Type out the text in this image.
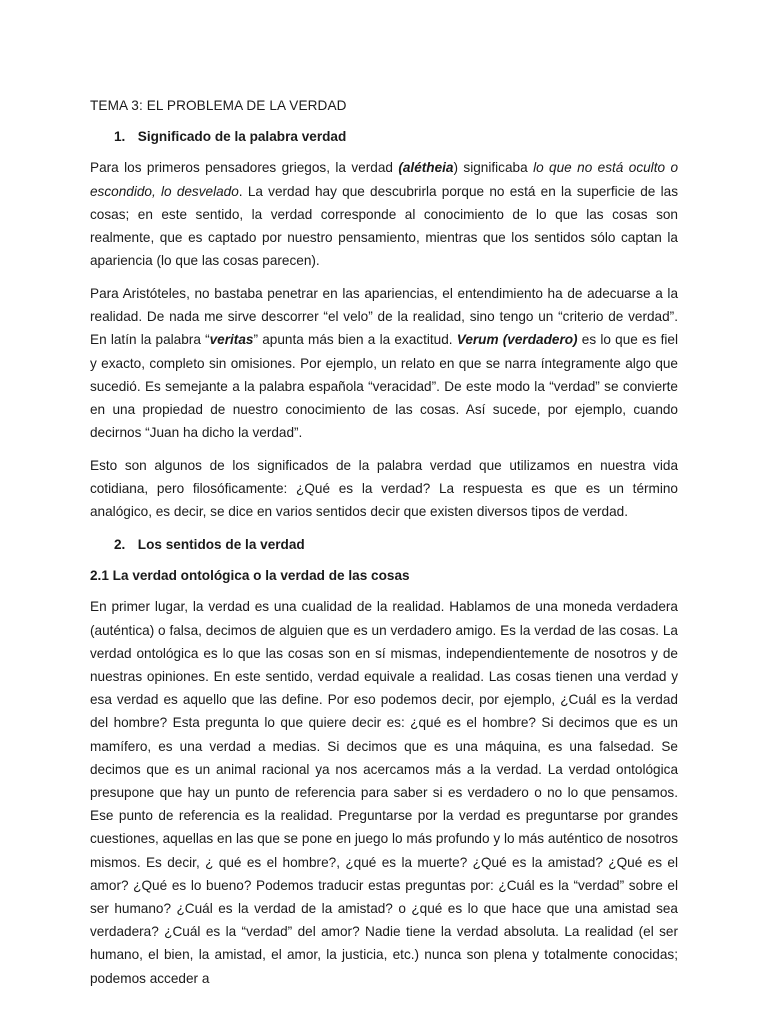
TEMA 3: EL PROBLEMA DE LA VERDAD
1. Significado de la palabra verdad

Para los primeros pensadores griegos, la verdad (alétheia) significaba lo que no está oculto o escondido, lo desvelado. La verdad hay que descubrirla porque no está en la superficie de las cosas; en este sentido, la verdad corresponde al conocimiento de lo que las cosas son realmente, que es captado por nuestro pensamiento, mientras que los sentidos sólo captan la apariencia (lo que las cosas parecen).

Para Aristóteles, no bastaba penetrar en las apariencias, el entendimiento ha de adecuarse a la realidad. De nada me sirve descorrer “el velo” de la realidad, sino tengo un “criterio de verdad”. En latín la palabra “veritas” apunta más bien a la exactitud. Verum (verdadero) es lo que es fiel y exacto, completo sin omisiones. Por ejemplo, un relato en que se narra íntegramente algo que sucedió. Es semejante a la palabra española “veracidad”. De este modo la “verdad” se convierte en una propiedad de nuestro conocimiento de las cosas. Así sucede, por ejemplo, cuando decirnos “Juan ha dicho la verdad”.

Esto son algunos de los significados de la palabra verdad que utilizamos en nuestra vida cotidiana, pero filosóficamente: ¿Qué es la verdad? La respuesta es que es un término analógico, es decir, se dice en varios sentidos decir que existen diversos tipos de verdad.

2. Los sentidos de la verdad
2.1 La verdad ontológica o la verdad de las cosas

En primer lugar, la verdad es una cualidad de la realidad. Hablamos de una moneda verdadera (auténtica) o falsa, decimos de alguien que es un verdadero amigo. Es la verdad de las cosas. La verdad ontológica es lo que las cosas son en sí mismas, independientemente de nosotros y de nuestras opiniones. En este sentido, verdad equivale a realidad. Las cosas tienen una verdad y esa verdad es aquello que las define. Por eso podemos decir, por ejemplo, ¿Cuál es la verdad del hombre? Esta pregunta lo que quiere decir es: ¿qué es el hombre? Si decimos que es un mamífero, es una verdad a medias. Si decimos que es una máquina, es una falsedad. Se decimos que es un animal racional ya nos acercamos más a la verdad. La verdad ontológica presupone que hay un punto de referencia para saber si es verdadero o no lo que pensamos. Ese punto de referencia es la realidad. Preguntarse por la verdad es preguntarse por grandes cuestiones, aquellas en las que se pone en juego lo más profundo y lo más auténtico de nosotros mismos. Es decir, ¿ qué es el hombre?, ¿qué es la muerte? ¿Qué es la amistad? ¿Qué es el amor? ¿Qué es lo bueno? Podemos traducir estas preguntas por: ¿Cuál es la “verdad” sobre el ser humano? ¿Cuál es la verdad de la amistad? o ¿qué es lo que hace que una amistad sea verdadera? ¿Cuál es la “verdad” del amor? Nadie tiene la verdad absoluta. La realidad (el ser humano, el bien, la amistad, el amor, la justicia, etc.) nunca son plena y totalmente conocidas; podemos acceder a
